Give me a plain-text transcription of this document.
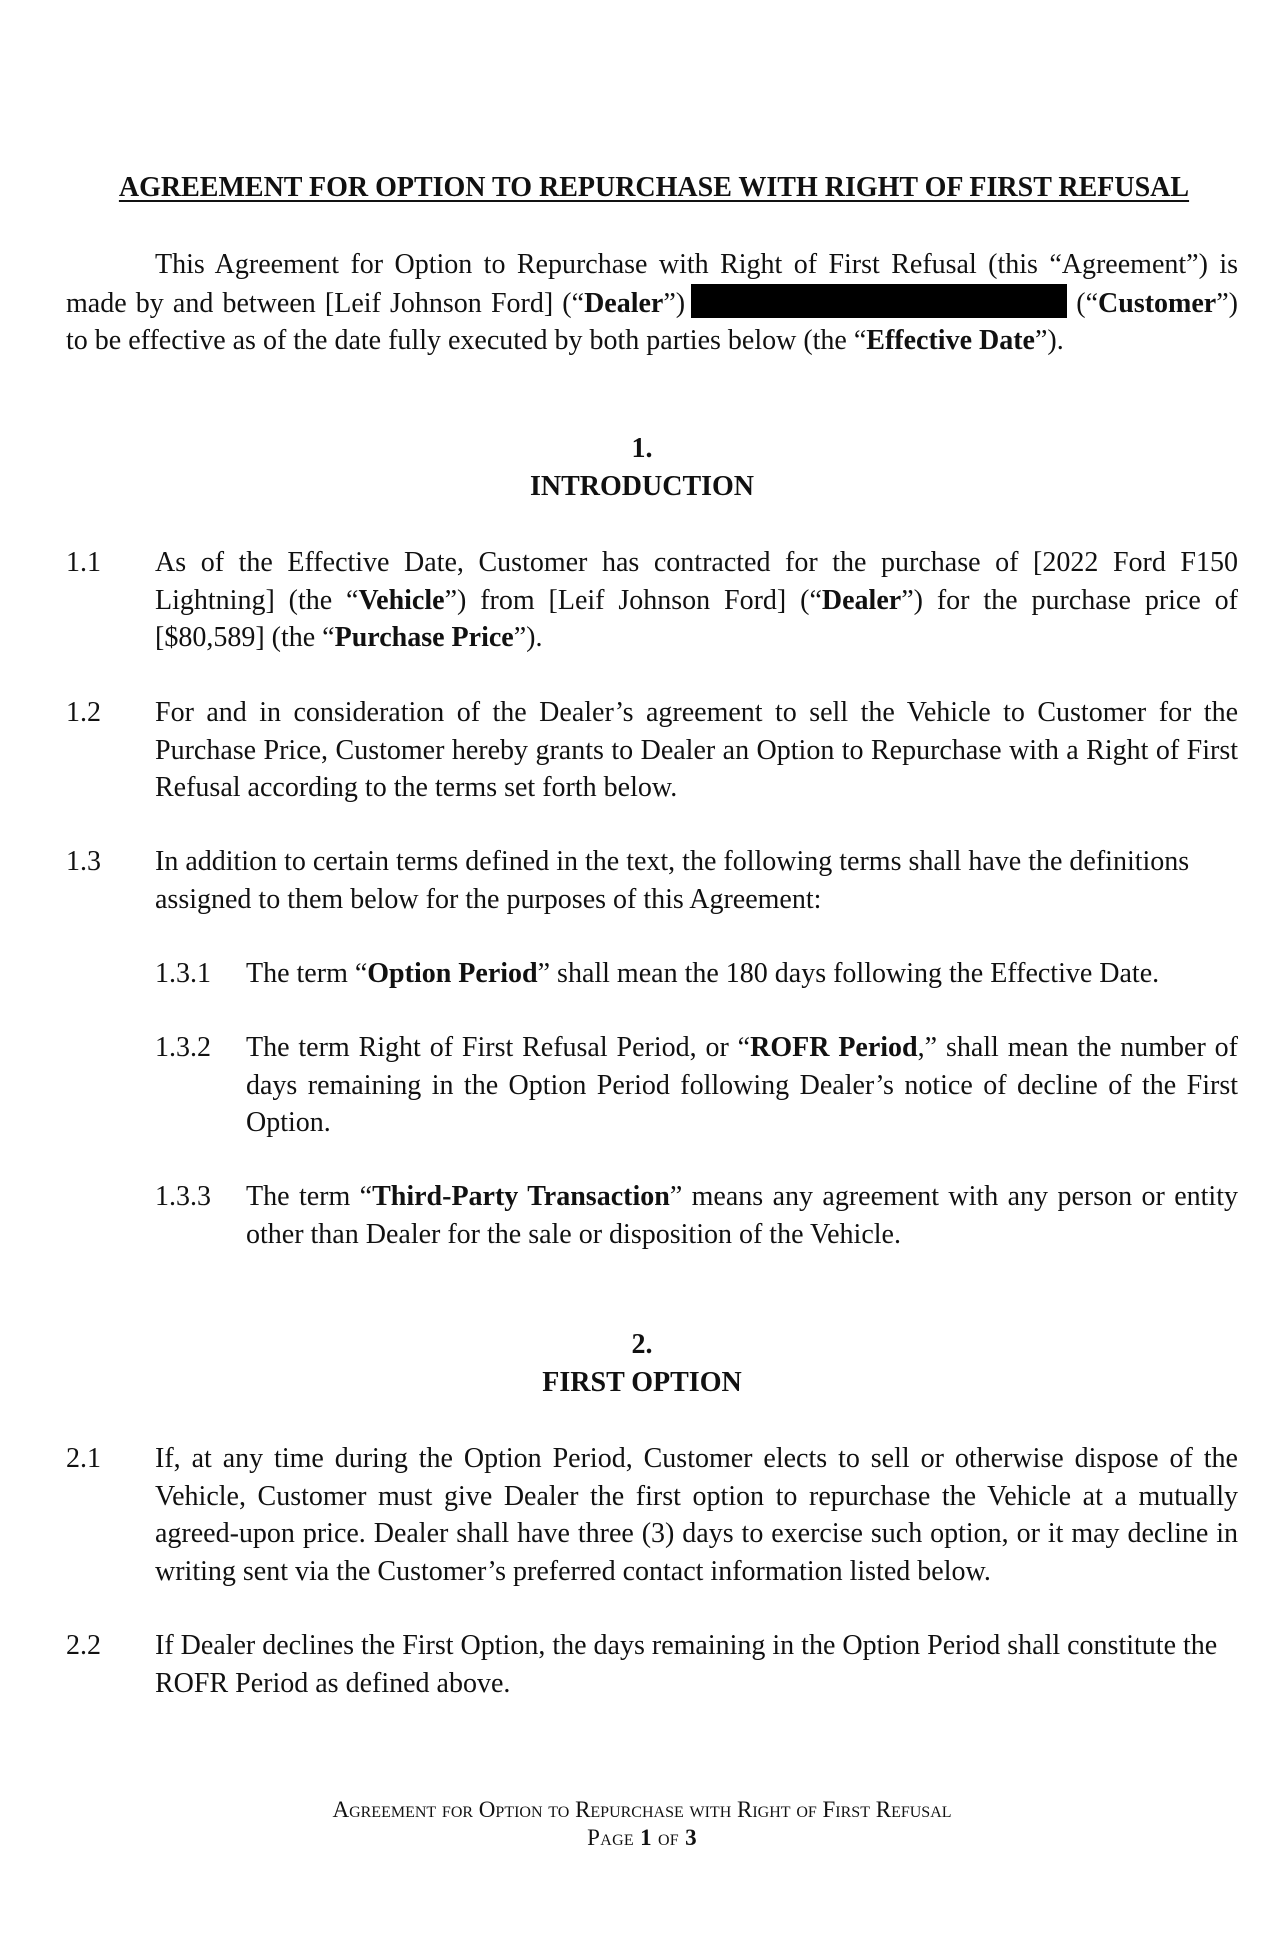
AGREEMENT FOR OPTION TO REPURCHASE WITH RIGHT OF FIRST REFUSAL
This Agreement for Option to Repurchase with Right of First Refusal (this “Agreement”) is made by and between [Leif Johnson Ford] (“Dealer”)	(“Customer”) to be effective as of the date fully executed by both parties below (the “Effective Date”).
1.
INTRODUCTION
1.1 As of the Effective Date, Customer has contracted for the purchase of [2022 Ford F150 Lightning] (the “Vehicle”) from [Leif Johnson Ford] (“Dealer”) for the purchase price of [$80,589] (the “Purchase Price”).
1.2 For and in consideration of the Dealer’s agreement to sell the Vehicle to Customer for the Purchase Price, Customer hereby grants to Dealer an Option to Repurchase with a Right of First Refusal according to the terms set forth below.
1.3 In addition to certain terms defined in the text, the following terms shall have the definitions assigned to them below for the purposes of this Agreement:
1.3.1 The term “Option Period” shall mean the 180 days following the Effective Date.
1.3.2 The term Right of First Refusal Period, or “ROFR Period,” shall mean the number of days remaining in the Option Period following Dealer’s notice of decline of the First Option.
1.3.3 The term “Third-Party Transaction” means any agreement with any person or entity other than Dealer for the sale or disposition of the Vehicle.
2.
FIRST OPTION
2.1 If, at any time during the Option Period, Customer elects to sell or otherwise dispose of the Vehicle, Customer must give Dealer the first option to repurchase the Vehicle at a mutually agreed-upon price. Dealer shall have three (3) days to exercise such option, or it may decline in writing sent via the Customer’s preferred contact information listed below.
2.2 If Dealer declines the First Option, the days remaining in the Option Period shall constitute the ROFR Period as defined above.
Agreement for Option to Repurchase with Right of First Refusal
Page 1 of 3
